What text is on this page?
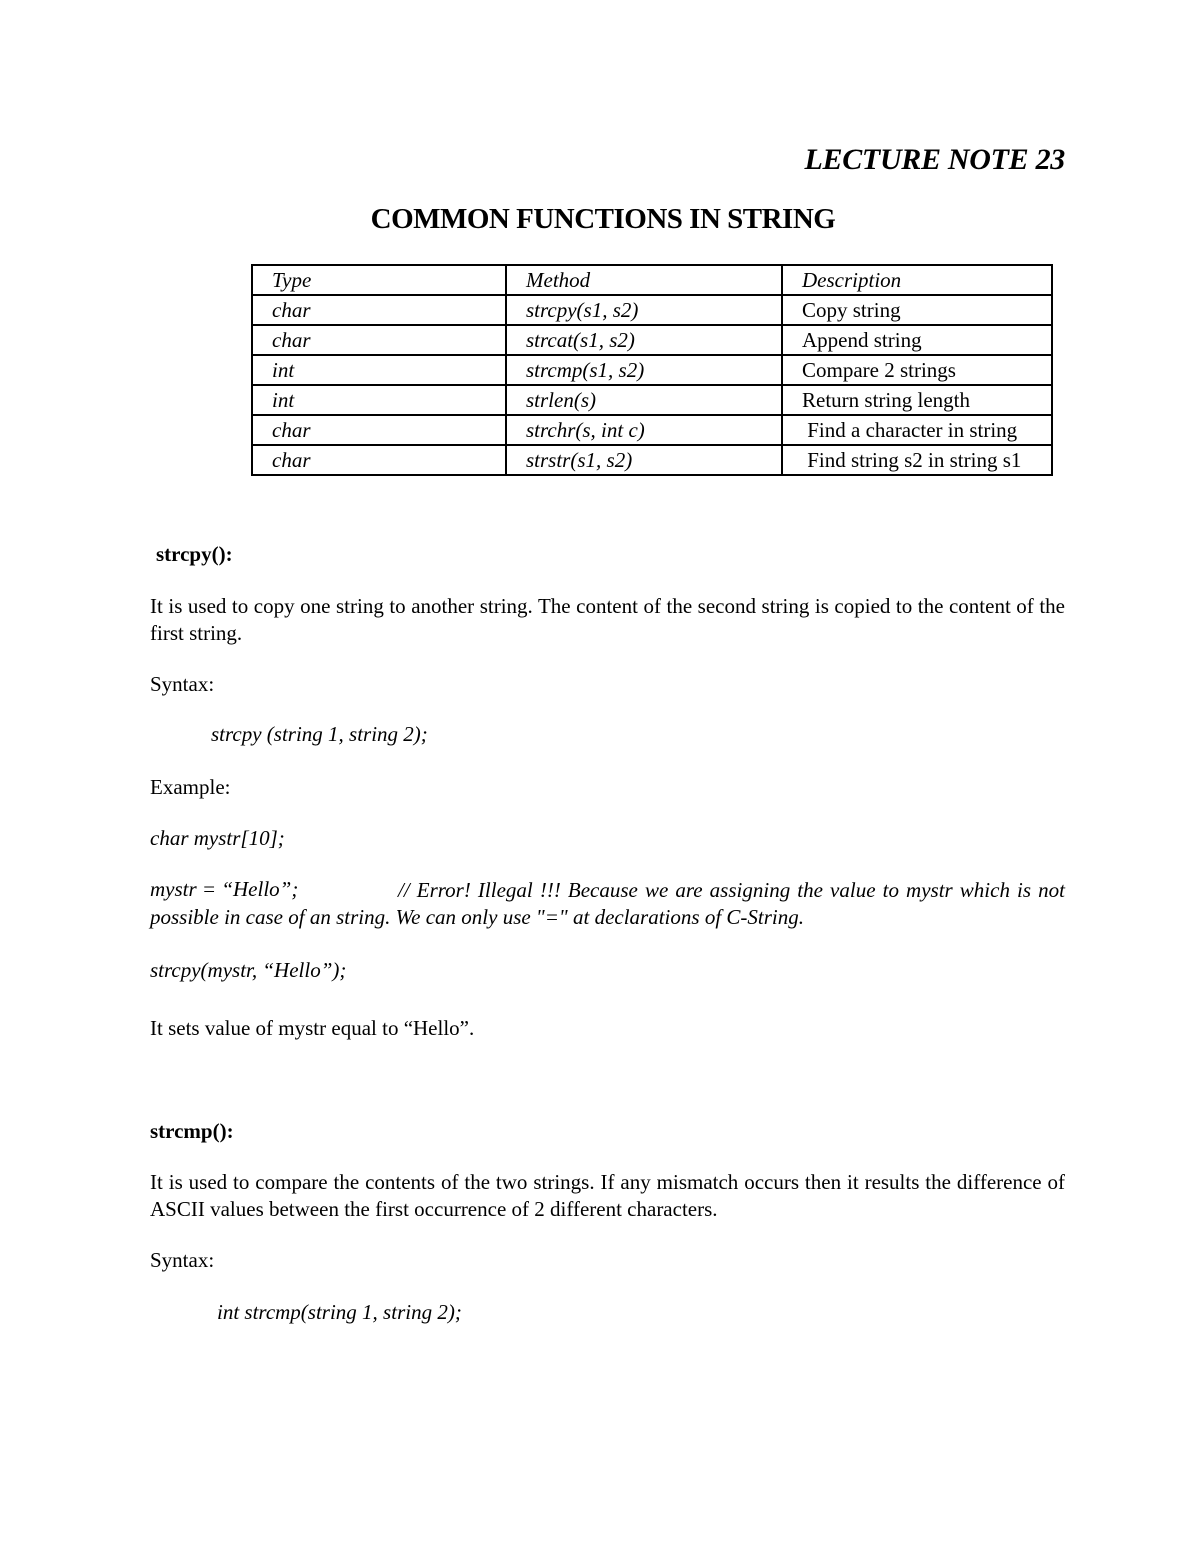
LECTURE NOTE 23
COMMON FUNCTIONS IN STRING
Type	Method	Description
char	strcpy(s1, s2)	Copy string
char	strcat(s1, s2)	Append string
int	strcmp(s1, s2)	Compare 2 strings
int	strlen(s)	Return string length
char	strchr(s, int c)	Find a character in string
char	strstr(s1, s2)	Find string s2 in string s1

strcpy():

It is used to copy one string to another string. The content of the second string is copied to the content of the first string.

Syntax:

strcpy (string 1, string 2);

Example:

char mystr[10];

mystr = “Hello”;	// Error! Illegal !!! Because we are assigning the value to mystr which is not possible in case of an string. We can only use "=" at declarations of C-String.

strcpy(mystr, “Hello”);

It sets value of mystr equal to “Hello”.

strcmp():

It is used to compare the contents of the two strings. If any mismatch occurs then it results the difference of ASCII values between the first occurrence of 2 different characters.

Syntax:

int strcmp(string 1, string 2);
